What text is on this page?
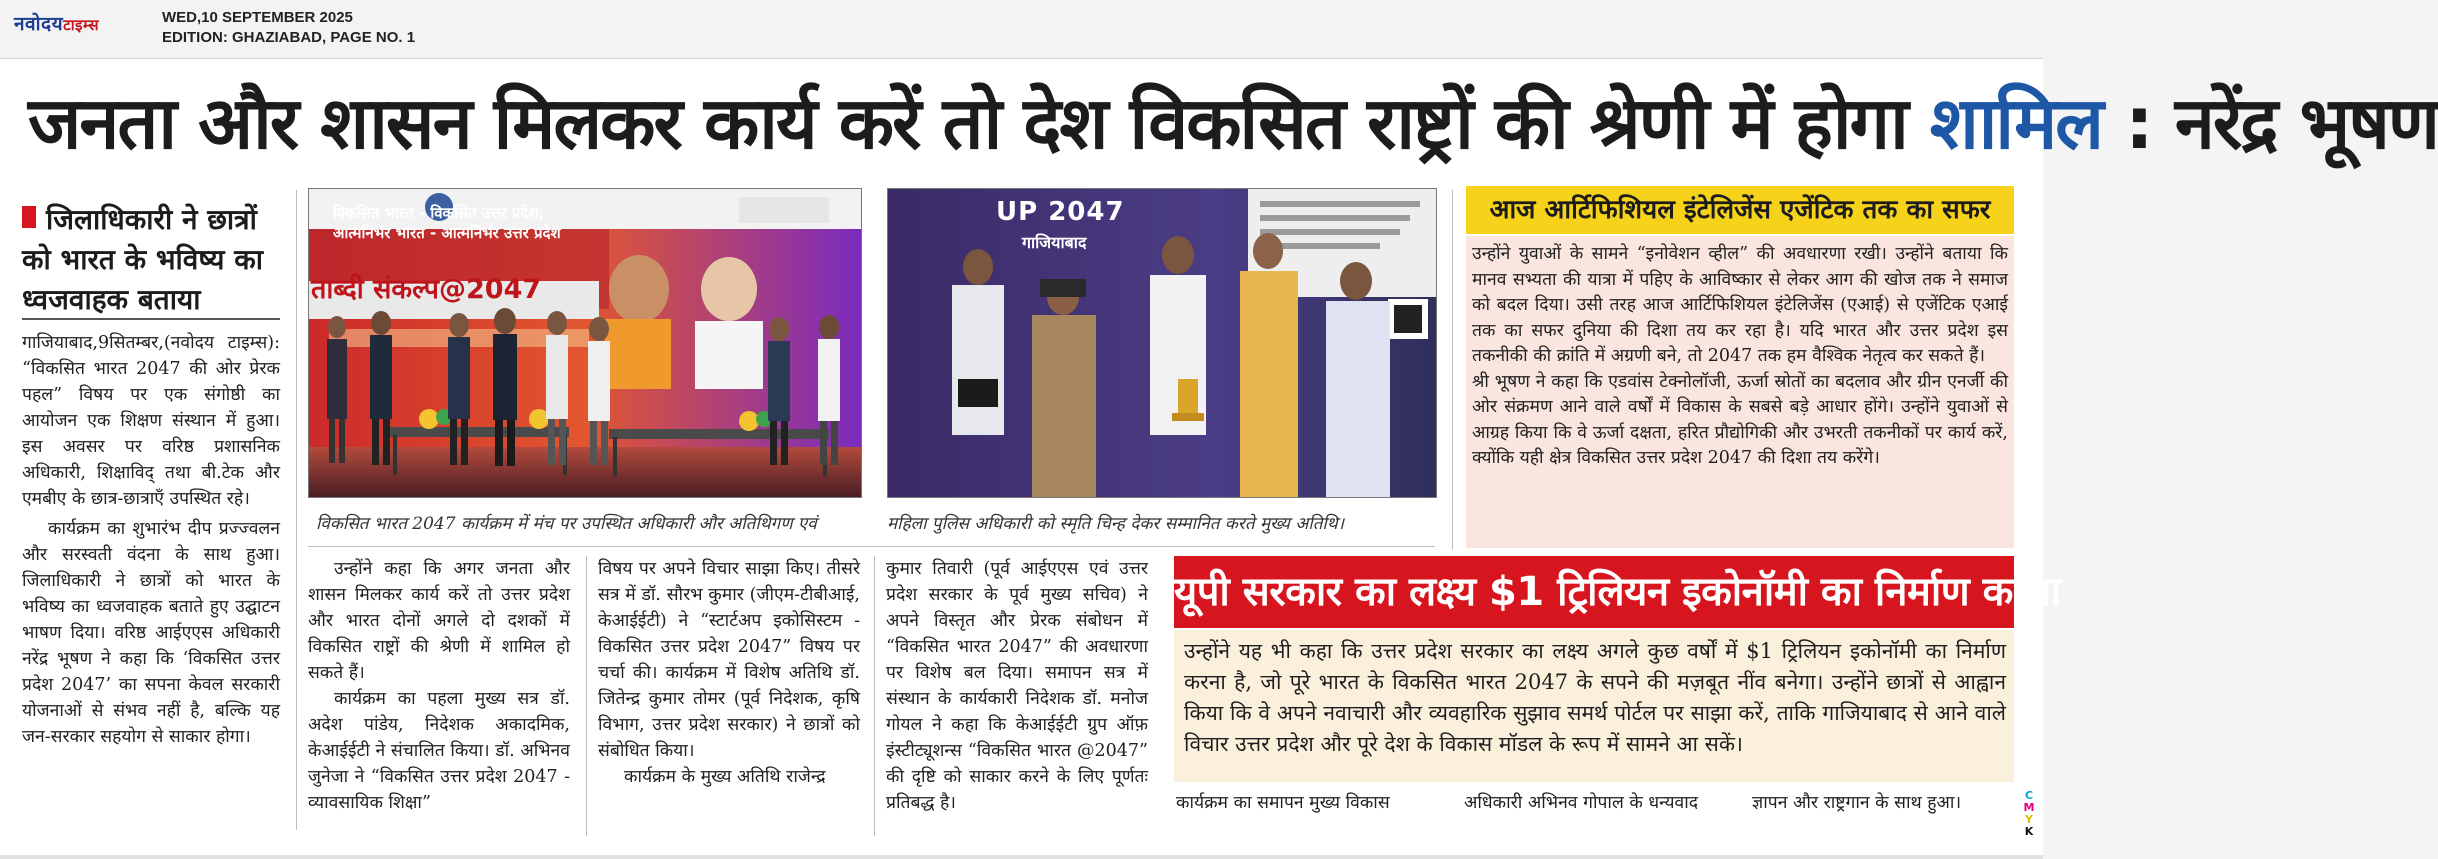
नवोदयटाइम्स	WED,10 SEPTEMBER 2025
EDITION: GHAZIABAD, PAGE NO. 1
जनता और शासन मिलकर कार्य करें तो देश विकसित राष्ट्रों की श्रेणी में होगा शामिल : नरेंद्र भूषण
जिलाधिकारी ने छात्रों को भारत के भविष्य का ध्वजवाहक बताया

गाजियाबाद,9सितम्बर,(नवोदय टाइम्स): “विकसित भारत 2047 की ओर प्रेरक पहल” विषय पर एक संगोष्ठी का आयोजन एक शिक्षण संस्थान में हुआ। इस अवसर पर वरिष्ठ प्रशासनिक अधिकारी, शिक्षाविद् तथा बी.टेक और एमबीए के छात्र-छात्राएँ उपस्थित रहे।

कार्यक्रम का शुभारंभ दीप प्रज्ज्वलन और सरस्वती वंदना के साथ हुआ। जिलाधिकारी ने छात्रों को भारत के भविष्य का ध्वजवाहक बताते हुए उद्घाटन भाषण दिया। वरिष्ठ आईएएस अधिकारी नरेंद्र भूषण ने कहा कि ‘विकसित उत्तर प्रदेश 2047’ का सपना केवल सरकारी योजनाओं से संभव नहीं है, बल्कि यह जन-सरकार सहयोग से साकार होगा।

विकसित भारत - विकसित उत्तर प्रदेश,
आत्मनिर्भर भारत - आत्मनिर्भर उत्तर प्रदेश
ताब्दी संकल्प@2047
UP 2047
गाजियाबाद
विकसित भारत 2047 कार्यक्रम में मंच पर उपस्थित अधिकारी और अतिथिगण एवं	महिला पुलिस अधिकारी को स्मृति चिन्ह देकर सम्मानित करते मुख्य अतिथि।

उन्होंने कहा कि अगर जनता और शासन मिलकर कार्य करें तो उत्तर प्रदेश और भारत दोनों अगले दो दशकों में विकसित राष्ट्रों की श्रेणी में शामिल हो सकते हैं।

कार्यक्रम का पहला मुख्य सत्र डॉ. अदेश पांडेय, निदेशक अकादमिक, केआईईटी ने संचालित किया। डॉ. अभिनव जुनेजा ने “विकसित उत्तर प्रदेश 2047 - व्यावसायिक शिक्षा”

विषय पर अपने विचार साझा किए। तीसरे सत्र में डॉ. सौरभ कुमार (जीएम-टीबीआई, केआईईटी) ने “स्टार्टअप इकोसिस्टम - विकसित उत्तर प्रदेश 2047” विषय पर चर्चा की। कार्यक्रम में विशेष अतिथि डॉ. जितेन्द्र कुमार तोमर (पूर्व निदेशक, कृषि विभाग, उत्तर प्रदेश सरकार) ने छात्रों को संबोधित किया।

कार्यक्रम के मुख्य अतिथि राजेन्द्र

कुमार तिवारी (पूर्व आईएएस एवं उत्तर प्रदेश सरकार के पूर्व मुख्य सचिव) ने अपने विस्तृत और प्रेरक संबोधन में “विकसित भारत 2047” की अवधारणा पर विशेष बल दिया। समापन सत्र में संस्थान के कार्यकारी निदेशक डॉ. मनोज गोयल ने कहा कि केआईईटी ग्रुप ऑफ़ इंस्टीट्यूशन्स “विकसित भारत @2047” की दृष्टि को साकार करने के लिए पूर्णतः प्रतिबद्ध है।

आज आर्टिफिशियल इंटेलिजेंस एजेंटिक तक का सफर

उन्होंने युवाओं के सामने “इनोवेशन व्हील” की अवधारणा रखी। उन्होंने बताया कि मानव सभ्यता की यात्रा में पहिए के आविष्कार से लेकर आग की खोज तक ने समाज को बदल दिया। उसी तरह आज आर्टिफिशियल इंटेलिजेंस (एआई) से एजेंटिक एआई तक का सफर दुनिया की दिशा तय कर रहा है। यदि भारत और उत्तर प्रदेश इस तकनीकी की क्रांति में अग्रणी बने, तो 2047 तक हम वैश्विक नेतृत्व कर सकते हैं।

श्री भूषण ने कहा कि एडवांस टेक्नोलॉजी, ऊर्जा स्रोतों का बदलाव और ग्रीन एनर्जी की ओर संक्रमण आने वाले वर्षों में विकास के सबसे बड़े आधार होंगे। उन्होंने युवाओं से आग्रह किया कि वे ऊर्जा दक्षता, हरित प्रौद्योगिकी और उभरती तकनीकों पर कार्य करें, क्योंकि यही क्षेत्र विकसित उत्तर प्रदेश 2047 की दिशा तय करेंगे।

यूपी सरकार का लक्ष्य $1 ट्रिलियन इकोनॉमी का निर्माण करना
उन्होंने यह भी कहा कि उत्तर प्रदेश सरकार का लक्ष्य अगले कुछ वर्षों में $1 ट्रिलियन इकोनॉमी का निर्माण करना है, जो पूरे भारत के विकसित भारत 2047 के सपने की मज़बूत नींव बनेगा। उन्होंने छात्रों से आह्वान किया कि वे अपने नवाचारी और व्यवहारिक सुझाव समर्थ पोर्टल पर साझा करें, ताकि गाजियाबाद से आने वाले विचार उत्तर प्रदेश और पूरे देश के विकास मॉडल के रूप में सामने आ सकें।
कार्यक्रम का समापन मुख्य विकास	अधिकारी अभिनव गोपाल के धन्यवाद	ज्ञापन और राष्ट्रगान के साथ हुआ।	C
M
Y
K
